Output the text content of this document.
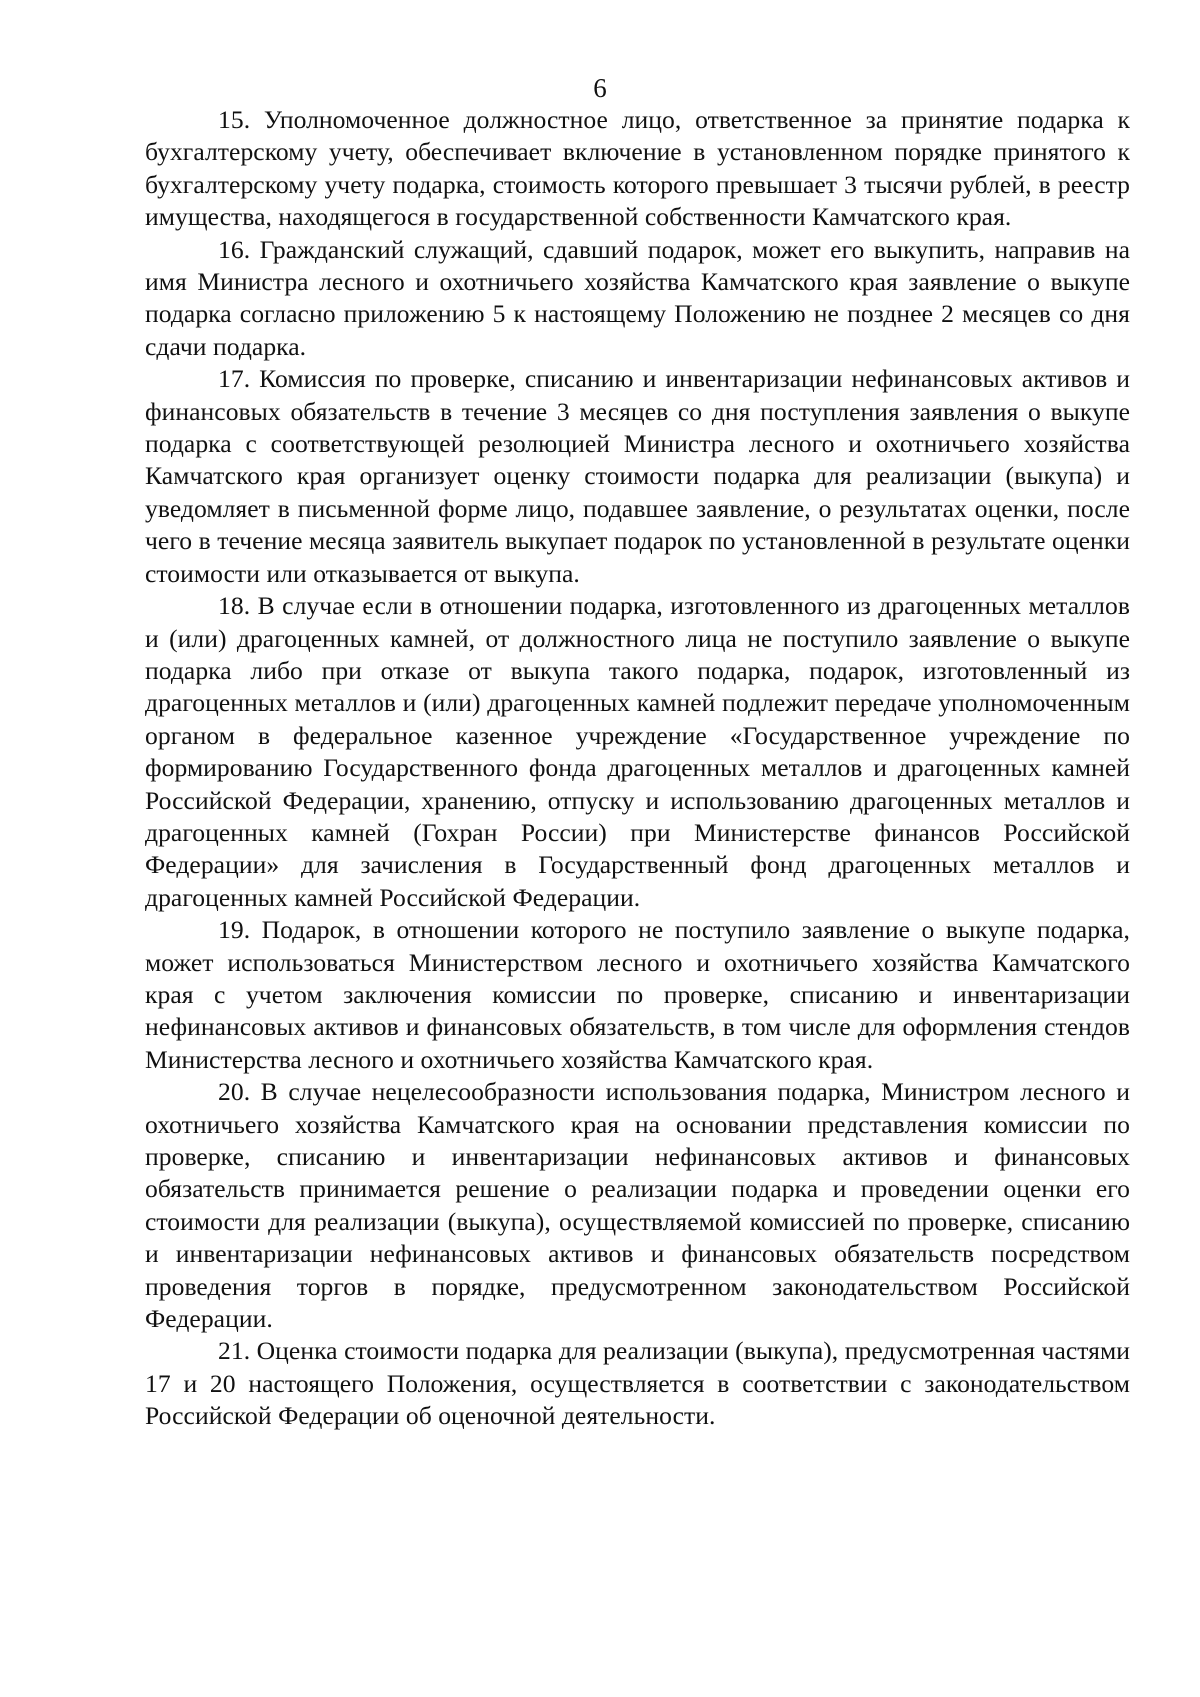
6

15. Уполномоченное должностное лицо, ответственное за принятие подарка к бухгалтерскому учету, обеспечивает включение в установленном порядке принятого к бухгалтерскому учету подарка, стоимость которого превышает 3 тысячи рублей, в реестр имущества, находящегося в государственной собственности Камчатского края.

16. Гражданский служащий, сдавший подарок, может его выкупить, направив на имя Министра лесного и охотничьего хозяйства Камчатского края заявление о выкупе подарка согласно приложению 5 к настоящему Положению не позднее 2 месяцев со дня сдачи подарка.

17. Комиссия по проверке, списанию и инвентаризации нефинансовых активов и финансовых обязательств в течение 3 месяцев со дня поступления заявления о выкупе подарка с соответствующей резолюцией Министра лесного и охотничьего хозяйства Камчатского края организует оценку стоимости подарка для реализации (выкупа) и уведомляет в письменной форме лицо, подавшее заявление, о результатах оценки, после чего в течение месяца заявитель выкупает подарок по установленной в результате оценки стоимости или отказывается от выкупа.

18. В случае если в отношении подарка, изготовленного из драгоценных металлов и (или) драгоценных камней, от должностного лица не поступило заявление о выкупе подарка либо при отказе от выкупа такого подарка, подарок, изготовленный из драгоценных металлов и (или) драгоценных камней подлежит передаче уполномоченным органом в федеральное казенное учреждение «Государственное учреждение по формированию Государственного фонда драгоценных металлов и драгоценных камней Российской Федерации, хранению, отпуску и использованию драгоценных металлов и драгоценных камней (Гохран России) при Министерстве финансов Российской Федерации» для зачисления в Государственный фонд драгоценных металлов и драгоценных камней Российской Федерации.

19. Подарок, в отношении которого не поступило заявление о выкупе подарка, может использоваться Министерством лесного и охотничьего хозяйства Камчатского края с учетом заключения комиссии по проверке, списанию и инвентаризации нефинансовых активов и финансовых обязательств, в том числе для оформления стендов Министерства лесного и охотничьего хозяйства Камчатского края.

20. В случае нецелесообразности использования подарка, Министром лесного и охотничьего хозяйства Камчатского края на основании представления комиссии по проверке, списанию и инвентаризации нефинансовых активов и финансовых обязательств принимается решение о реализации подарка и проведении оценки его стоимости для реализации (выкупа), осуществляемой комиссией по проверке, списанию и инвентаризации нефинансовых активов и финансовых обязательств посредством проведения торгов в порядке, предусмотренном законодательством Российской Федерации.

21. Оценка стоимости подарка для реализации (выкупа), предусмотренная частями 17 и 20 настоящего Положения, осуществляется в соответствии с законодательством Российской Федерации об оценочной деятельности.
